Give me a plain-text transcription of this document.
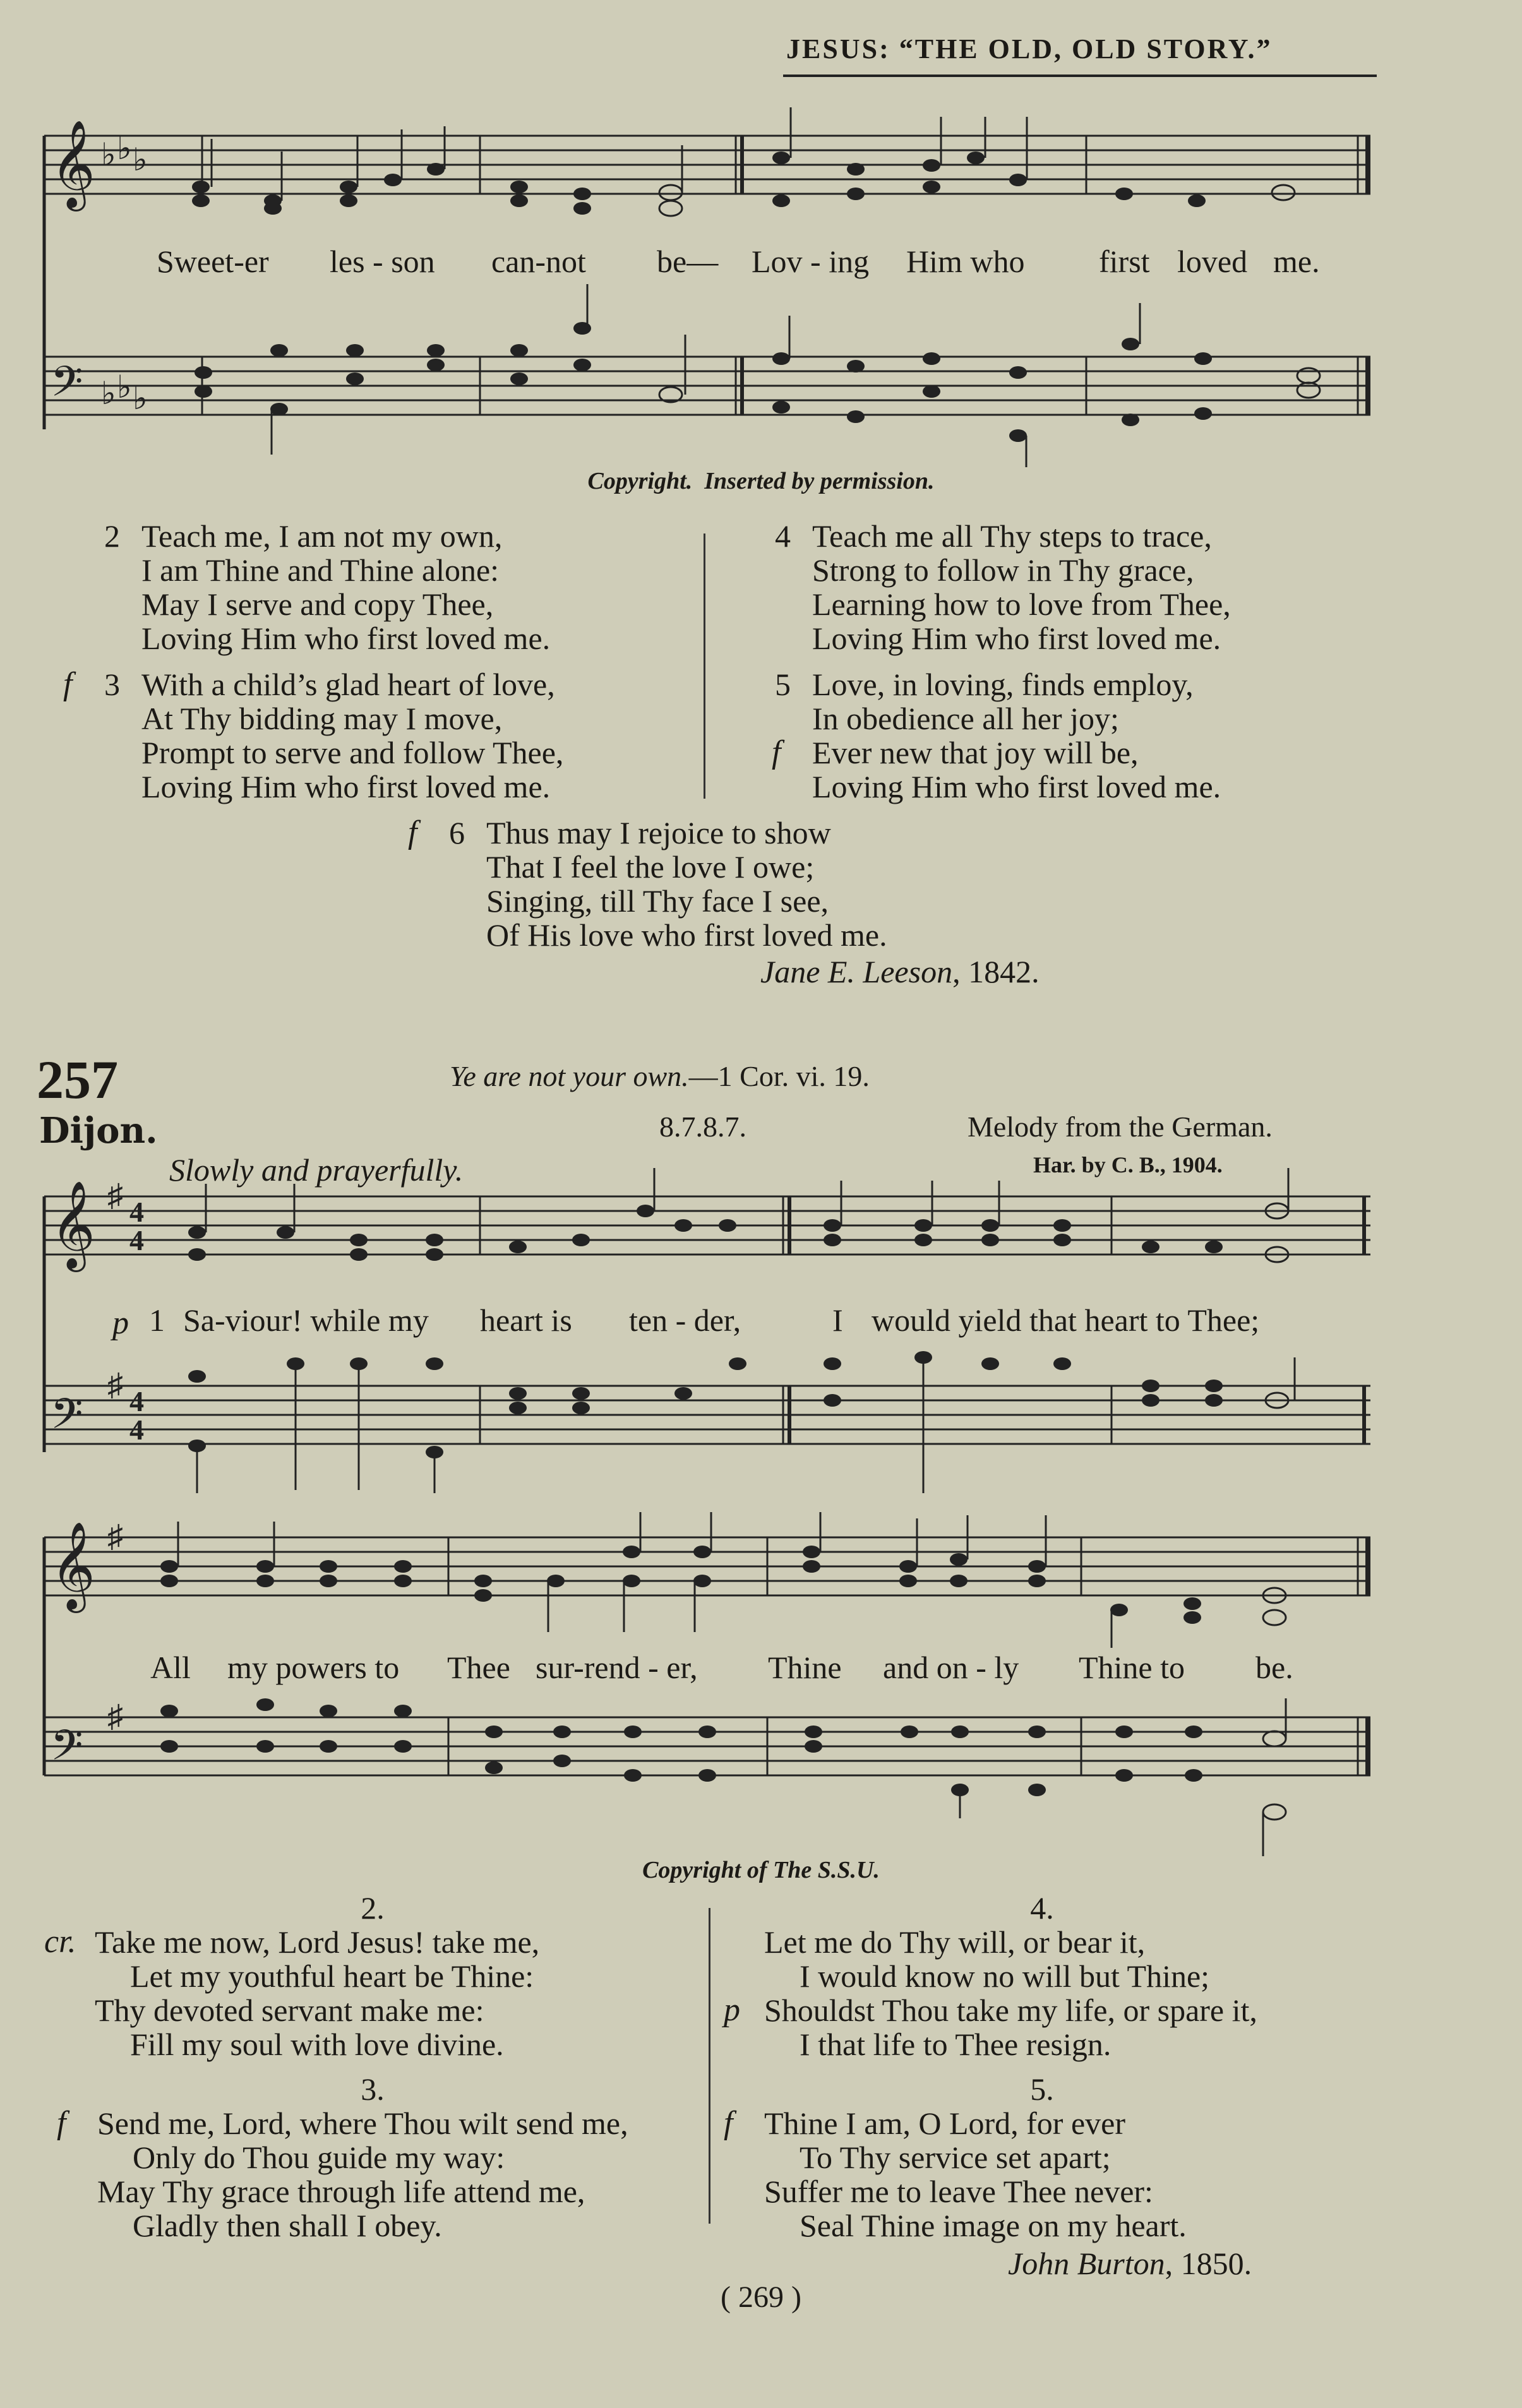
JESUS: “THE OLD, OLD STORY.”
𝄞
𝄢
♭ ♭ ♭
♭ ♭ ♭
𝄞
𝄢
♯
♯
4
4
4
4
𝄞
𝄢
♯
♯
Sweet-er les - son can-not be— Lov - ing Him who first loved me.
Copyright.  Inserted by permission.
2 Teach me, I am not my own,
I am Thine and Thine alone:
May I serve and copy Thee,
Loving Him who first loved me.
f 3 With a child’s glad heart of love,
At Thy bidding may I move,
Prompt to serve and follow Thee,
Loving Him who first loved me.
4 Teach me all Thy steps to trace,
Strong to follow in Thy grace,
Learning how to love from Thee,
Loving Him who first loved me.
5
f
Love, in loving, finds employ,
In obedience all her joy;
Ever new that joy will be,
Loving Him who first loved me.
f 6 Thus may I rejoice to show
That I feel the love I owe;
Singing, till Thy face I see,
Of His love who first loved me.
Jane E. Leeson, 1842.
257
Dijon.
Ye are not your own.—1 Cor. vi. 19.
8.7.8.7.	Melody from the German.
Har. by C. B., 1904.
Slowly and prayerfully.
p 1 Sa-viour! while my heart is ten - der,	I would yield that heart to Thee;
All my powers to Thee sur-rend - er, Thine and on - ly Thine to be.
Copyright of The S.S.U.
2.
cr. Take me now, Lord Jesus! take me,
Let my youthful heart be Thine:
Thy devoted servant make me:
Fill my soul with love divine.
3.
f Send me, Lord, where Thou wilt send me,
Only do Thou guide my way:
May Thy grace through life attend me,
Gladly then shall I obey.
4.
p
Let me do Thy will, or bear it,
I would know no will but Thine;
Shouldst Thou take my life, or spare it,
I that life to Thee resign.
5.
f Thine I am, O Lord, for ever
To Thy service set apart;
Suffer me to leave Thee never:
Seal Thine image on my heart.
John Burton, 1850.
( 269 )
